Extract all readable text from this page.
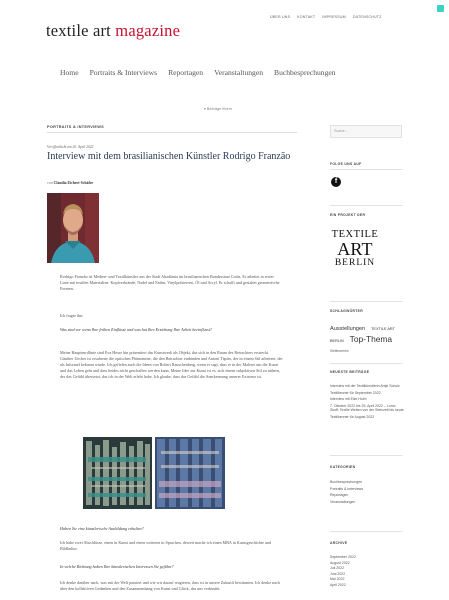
textile art magazine
ÜBER UNS KONTAKT IMPRESSUM DATENSCHUTZ
Home Portraits & Interviews Reportagen Veranstaltungen Buchbesprechungen
▾ Beiträge filtern
PORTRAITS & INTERVIEWS
Veröffentlicht am 20. April 2022
Interview mit dem brasilianischen Künstler Rodrigo Franzão
von Claudia Eichert-Schäfer
Rodrigo Franzão ist Medien- und Textilkünstler aus der Stadt Abadiânia im brasilianischen Bundesstaat Goiás. Er arbeitet in erster Linie mit textilen Materialien: Kopfverbrände, Nadel und Faden, Vinylpolsterrest, Öl und Acryl. Er schafft und gestaltet geometrische Formen.
Ich fragte ihn:
Was sind vor wenn Ihre frühen Einflüsse und was hat Ihre Erziehung Ihre Arbeit beeinflusst?
Meine Hauptenrdlinie sind Eva Hesse hin präsentiert das Kunstwerk als Objekt, das sich in den Raum des Betrachters erstreckt. Günther Uecker ist ersahrene die optischen Phänomene, die den Betrachter einbinden und Antoni Tàpies, der in einem Stil arbeitete, der als Informel bekannt wurde. Ich gefielen auch die Ideen von Robert Rauschenberg, wenn er sagt, dass er in der Malerei um die Kunst und das Leben geht und dass beides nicht geschaffen werden kann. Meine Idee zur Kunst ist es, sich einem subjektiven Stil zu nähern, der das Gefühl übersetzt, das ich in der Welt erlebt habe. Ich glaube, dass das Gefühl die Anerkennung unserer Existenz ist.
Haben Sie eine künstlerische Ausbildung erhalten?
Ich habe zwei Abschlüsse, einen in Kunst und einen weiteren in Sprachen, derzeit mache ich einen MBA in Kunstgeschichte und Bildkultur.
In welche Richtung haben Ihre künstlerischen Interessen Sie geführt?
Ich denke darüber nach, was mit der Welt passiert und wie wir darauf reagieren, dass ist in unsere Zukunft bestimmen. Ich denke nach über den kollektiven Gedanken und den Zusammenhang von Kunst und Glück, das uns verbindet.
Suche...
FOLGE UNS AUF
f
EIN PROJEKT DER
TEXTILE
ART
BERLIN
SCHLAGWÖRTER
Ausstellungen TEXTILE ART BERLIN Top-Thema
Wettbewerbe
NEUESTE BEITRÄGE
Interview mit der Textilkünstlerin Antje Schulz
Textilkenner für September 2022
Interview mit Elke Holm
7. Oktober 2022 bis 25. April 2022 – Lumo Skoff: Textile Welten von der Steinzeit bis heute
Textilkenner für August 2022
KATEGORIEN
Buchbesprechungen
Portraits & Interviews
Reportagen
Veranstaltungen
ARCHIVE
September 2022
August 2022
Juli 2022
Juni 2022
Mai 2022
April 2022
